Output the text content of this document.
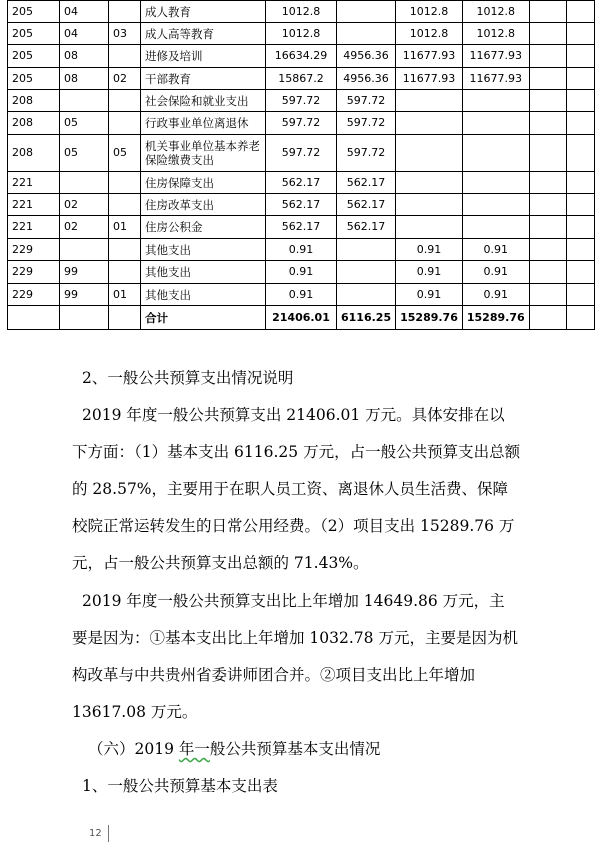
205	04		成人教育	1012.8		1012.8	1012.8		
205	04	03	成人高等教育	1012.8		1012.8	1012.8		
205	08		进修及培训	16634.29	4956.36	11677.93	11677.93		
205	08	02	干部教育	15867.2	4956.36	11677.93	11677.93		
208			社会保险和就业支出	597.72	597.72				
208	05		行政事业单位离退休	597.72	597.72				
208	05	05	机关事业单位基本养老保险缴费支出	597.72	597.72				
221			住房保障支出	562.17	562.17				
221	02		住房改革支出	562.17	562.17				
221	02	01	住房公积金	562.17	562.17				
229			其他支出	0.91		0.91	0.91		
229	99		其他支出	0.91		0.91	0.91		
229	99	01	其他支出	0.91		0.91	0.91		
			合计	21406.01	6116.25	15289.76	15289.76		
2、一般公共预算支出情况说明
2019 年度一般公共预算支出 21406.01 万元。具体安排在以
下方面：（1）基本支出 6116.25 万元，占一般公共预算支出总额
的 28.57%，主要用于在职人员工资、离退休人员生活费、保障
校院正常运转发生的日常公用经费。（2）项目支出 15289.76 万
元，占一般公共预算支出总额的 71.43%。
2019 年度一般公共预算支出比上年增加 14649.86 万元，主
要是因为：①基本支出比上年增加 1032.78 万元，主要是因为机
构改革与中共贵州省委讲师团合并。②项目支出比上年增加
13617.08 万元。
（六）2019 年一般公共预算基本支出情况
1、一般公共预算基本支出表
12
